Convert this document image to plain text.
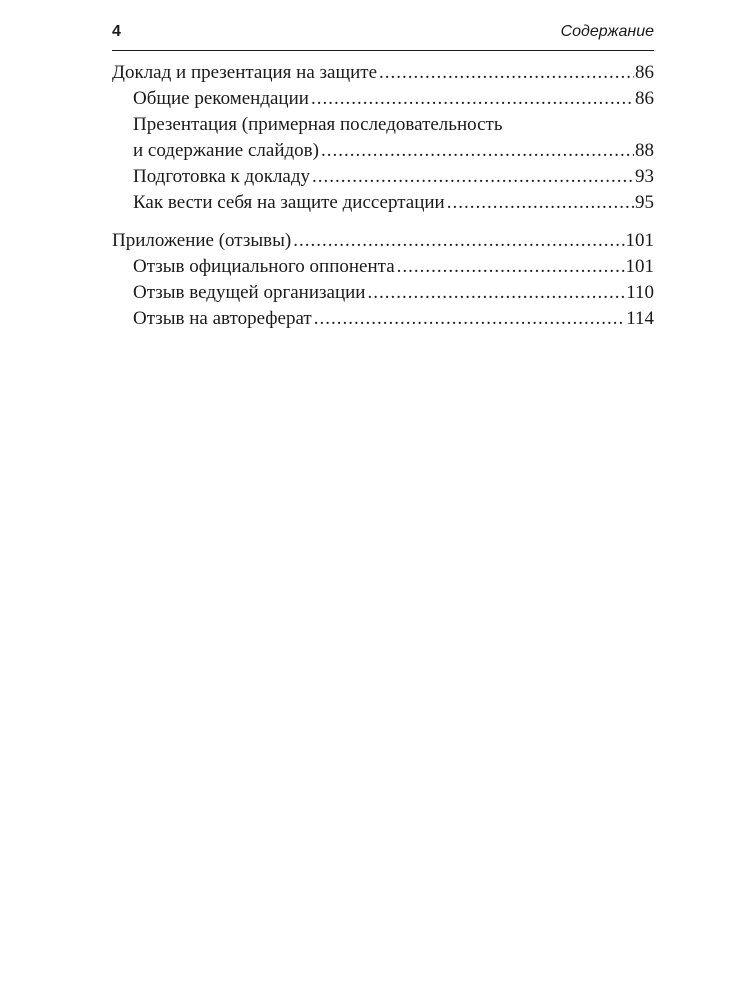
4	Содержание
Доклад и презентация на защите .....	86
Общие рекомендации .....	86
Презентация (примерная последовательность
и содержание слайдов) .....	88
Подготовка к докладу .....	93
Как вести себя на защите диссертации .....	95
Приложение (отзывы) .....	101
Отзыв официального оппонента .....	101
Отзыв ведущей организации .....	110
Отзыв на автореферат .....	114
